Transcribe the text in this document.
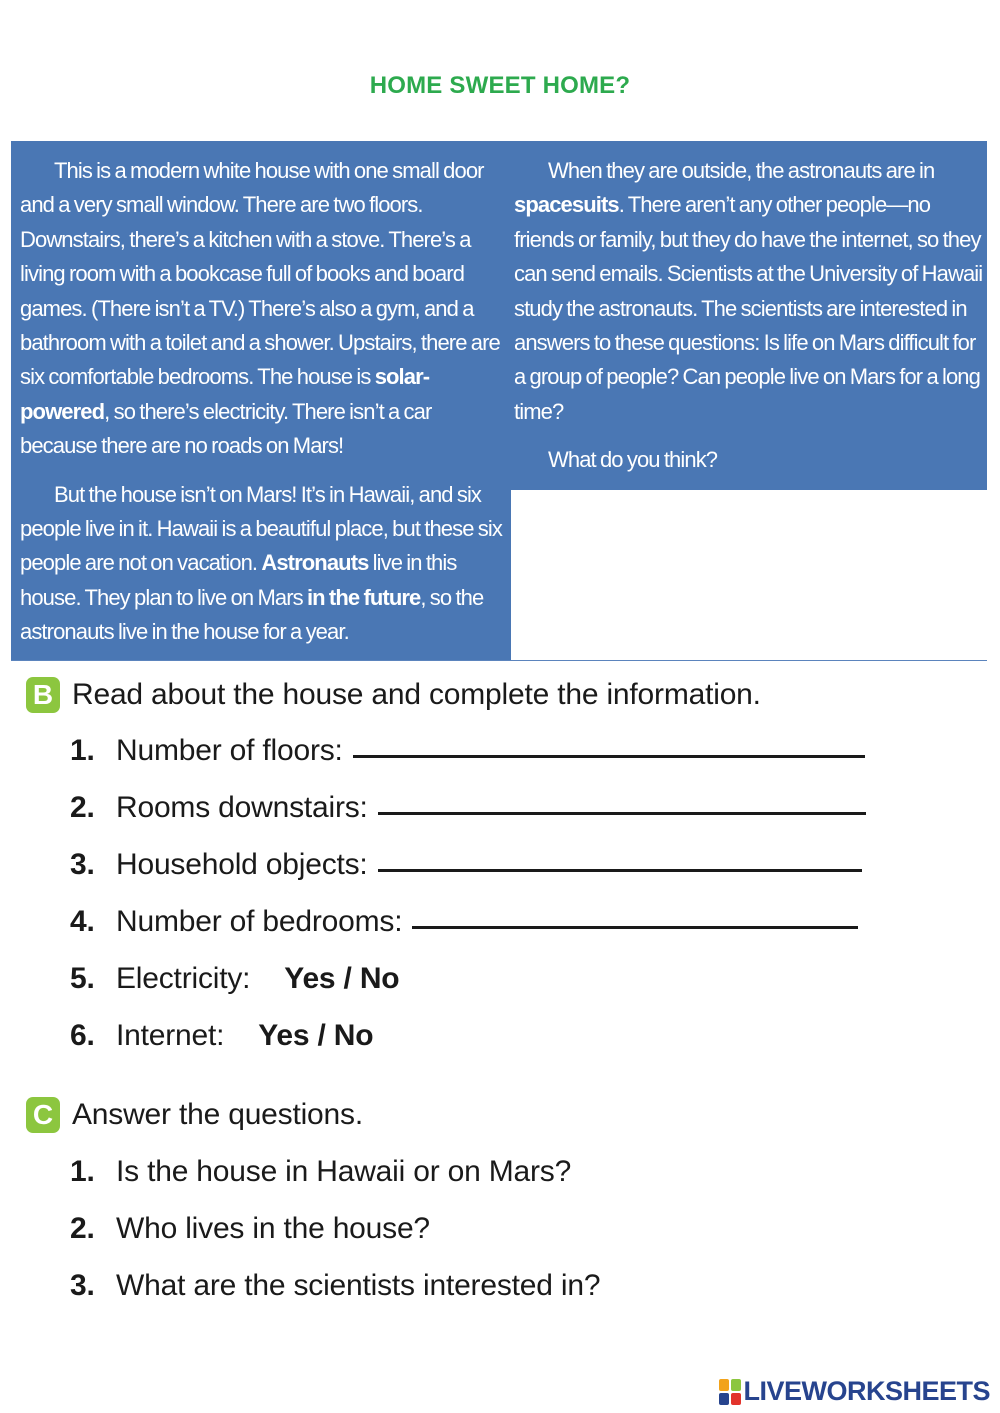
HOME SWEET HOME?

This is a modern white house with one small door and a very small window. There are two floors. Downstairs, there’s a kitchen with a stove. There’s a living room with a bookcase full of books and board games. (There isn’t a TV.) There’s also a gym, and a bathroom with a toilet and a shower. Upstairs, there are six comfortable bedrooms. The house is solar-powered, so there’s electricity. There isn’t a car because there are no roads on Mars!

But the house isn’t on Mars! It’s in Hawaii, and six people live in it. Hawaii is a beautiful place, but these six people are not on vacation. Astronauts live in this house. They plan to live on Mars in the future, so the astronauts live in the house for a year.

When they are outside, the astronauts are in spacesuits. There aren’t any other people—no friends or family, but they do have the internet, so they can send emails. Scientists at the University of Hawaii study the astronauts. The scientists are interested in answers to these questions: Is life on Mars difficult for a group of people? Can people live on Mars for a long time?

What do you think?

B Read about the house and complete the information.
1. Number of floors:
2. Rooms downstairs:
3. Household objects:
4. Number of bedrooms:
5. Electricity: Yes / No
6. Internet: Yes / No
C Answer the questions.
1. Is the house in Hawaii or on Mars?
2. Who lives in the house?
3. What are the scientists interested in?
LIVEWORKSHEETS
